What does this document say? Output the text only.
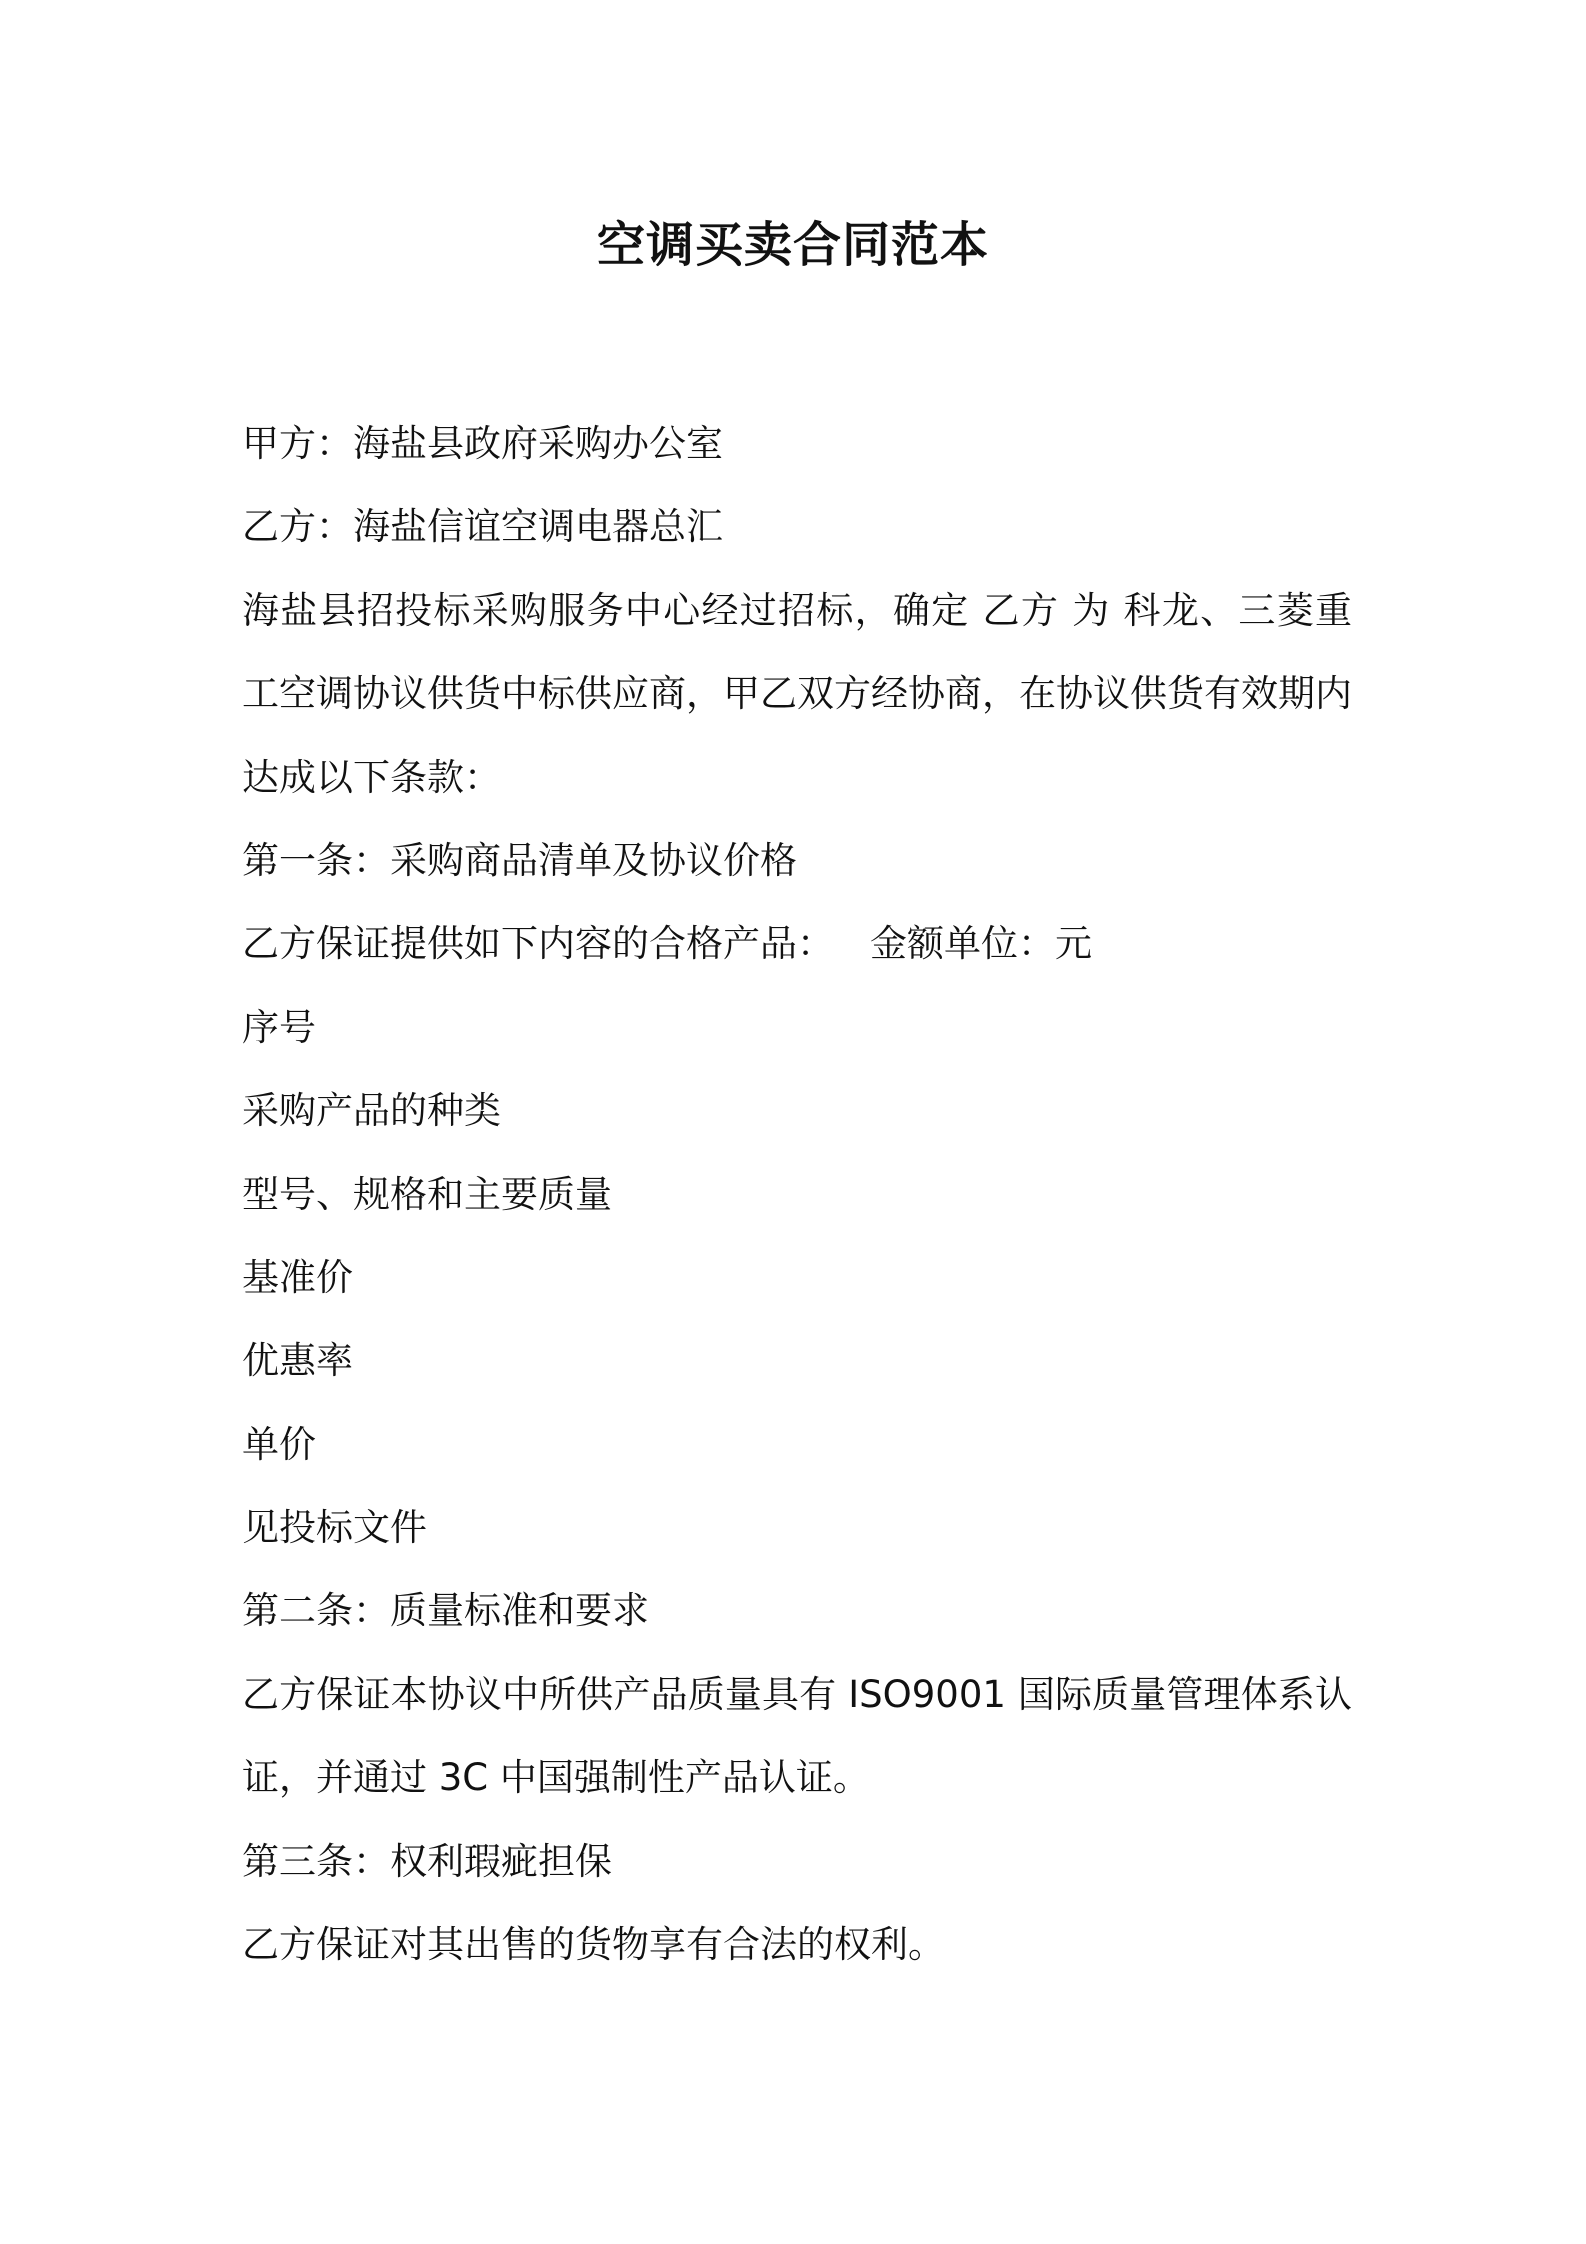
空调买卖合同范本
甲方：海盐县政府采购办公室
乙方：海盐信谊空调电器总汇
海盐县招投标采购服务中心经过招标，确定 乙方 为 科龙、三菱重
工空调协议供货中标供应商，甲乙双方经协商，在协议供货有效期内
达成以下条款：
第一条：采购商品清单及协议价格
乙方保证提供如下内容的合格产品： 金额单位：元
序号
采购产品的种类
型号、规格和主要质量
基准价
优惠率
单价
见投标文件
第二条：质量标准和要求
乙方保证本协议中所供产品质量具有 ISO9001 国际质量管理体系认
证，并通过 3C 中国强制性产品认证。
第三条：权利瑕疵担保
乙方保证对其出售的货物享有合法的权利。
